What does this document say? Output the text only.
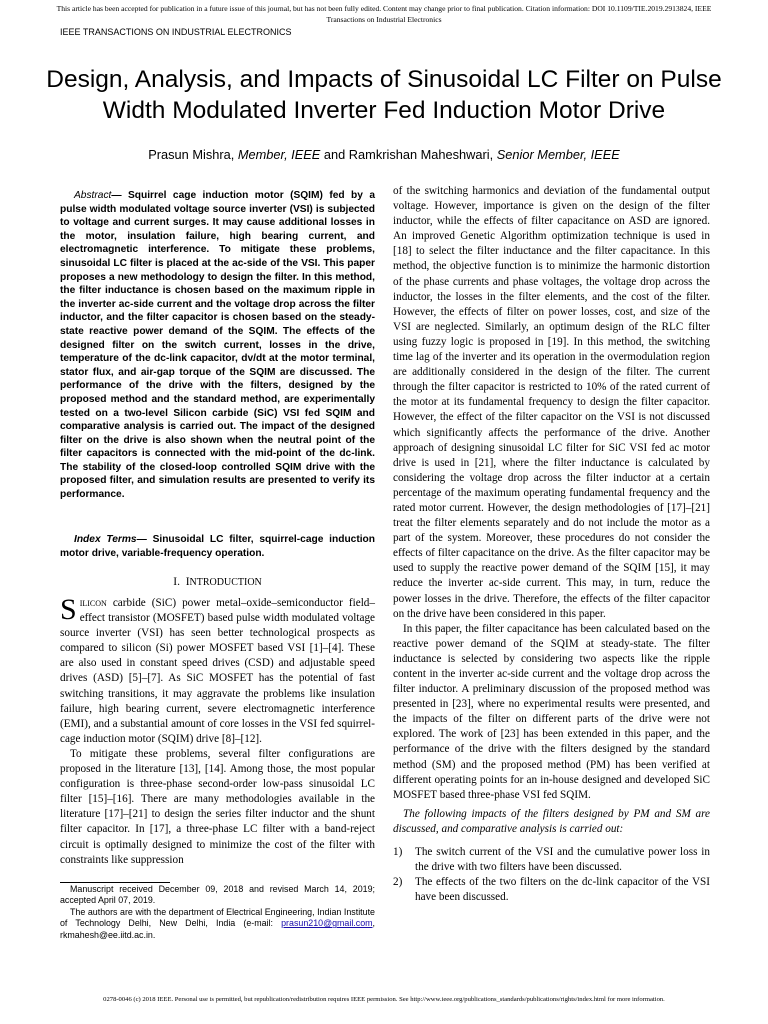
This article has been accepted for publication in a future issue of this journal, but has not been fully edited. Content may change prior to final publication. Citation information: DOI 10.1109/TIE.2019.2913824, IEEE
Transactions on Industrial Electronics
IEEE TRANSACTIONS ON INDUSTRIAL ELECTRONICS
Design, Analysis, and Impacts of Sinusoidal LC Filter on Pulse Width Modulated Inverter Fed Induction Motor Drive
Prasun Mishra, Member, IEEE and Ramkrishan Maheshwari, Senior Member, IEEE
Abstract— Squirrel cage induction motor (SQIM) fed by a pulse width modulated voltage source inverter (VSI) is subjected to voltage and current surges. It may cause additional losses in the motor, insulation failure, high bearing current, and electromagnetic interference. To mitigate these problems, sinusoidal LC filter is placed at the ac-side of the VSI. This paper proposes a new methodology to design the filter. In this method, the filter inductance is chosen based on the maximum ripple in the inverter ac-side current and the voltage drop across the filter inductor, and the filter capacitor is chosen based on the steady-state reactive power demand of the SQIM. The effects of the designed filter on the switch current, losses in the drive, temperature of the dc-link capacitor, dv/dt at the motor terminal, stator flux, and air-gap torque of the SQIM are discussed. The performance of the drive with the filters, designed by the proposed method and the standard method, are experimentally tested on a two-level Silicon carbide (SiC) VSI fed SQIM and comparative analysis is carried out. The impact of the designed filter on the drive is also shown when the neutral point of the filter capacitors is connected with the mid-point of the dc-link. The stability of the closed-loop controlled SQIM drive with the proposed filter, and simulation results are presented to verify its performance.
Index Terms— Sinusoidal LC filter, squirrel-cage induction motor drive, variable-frequency operation.
I. INTRODUCTION

Silicon carbide (SiC) power metal–oxide–semiconductor field–effect transistor (MOSFET) based pulse width modulated voltage source inverter (VSI) has seen better technological prospects as compared to silicon (Si) power MOSFET based VSI [1]–[4]. These are also used in constant speed drives (CSD) and adjustable speed drives (ASD) [5]–[7]. As SiC MOSFET has the potential of fast switching transitions, it may aggravate the problems like insulation failure, high bearing current, severe electromagnetic interference (EMI), and a substantial amount of core losses in the VSI fed squirrel-cage induction motor (SQIM) drive [8]–[12].

To mitigate these problems, several filter configurations are proposed in the literature [13], [14]. Among those, the most popular configuration is three-phase second-order low-pass sinusoidal LC filter [15]–[16]. There are many methodologies available in the literature [17]–[21] to design the series filter inductor and the shunt filter capacitor. In [17], a three-phase LC filter with a band-reject circuit is optimally designed to minimize the cost of the filter with constraints like suppression

Manuscript received December 09, 2018 and revised March 14, 2019; accepted April 07, 2019.

The authors are with the department of Electrical Engineering, Indian Institute of Technology Delhi, New Delhi, India (e-mail: prasun210@gmail.com, rkmahesh@ee.iitd.ac.in.

of the switching harmonics and deviation of the fundamental output voltage. However, importance is given on the design of the filter inductor, while the effects of filter capacitance on ASD are ignored. An improved Genetic Algorithm optimization technique is used in [18] to select the filter inductance and the filter capacitance. In this method, the objective function is to minimize the harmonic distortion of the phase currents and phase voltages, the voltage drop across the inductor, the losses in the filter elements, and the cost of the filter. However, the effects of filter on power losses, cost, and size of the VSI are neglected. Similarly, an optimum design of the RLC filter using fuzzy logic is proposed in [19]. In this method, the switching time lag of the inverter and its operation in the overmodulation region are additionally considered in the design of the filter. The current through the filter capacitor is restricted to 10% of the rated current of the motor at its fundamental frequency to design the filter capacitor. However, the effect of the filter capacitor on the VSI is not discussed which significantly affects the performance of the drive. Another approach of designing sinusoidal LC filter for SiC VSI fed ac motor drive is used in [21], where the filter inductance is calculated by considering the voltage drop across the filter inductor at a certain percentage of the maximum operating fundamental frequency and the rated motor current. However, the design methodologies of [17]–[21] treat the filter elements separately and do not include the motor as a part of the system. Moreover, these procedures do not consider the effects of filter capacitance on the drive. As the filter capacitor may be used to supply the reactive power demand of the SQIM [15], it may reduce the inverter ac-side current. This may, in turn, reduce the power losses in the drive. Therefore, the effects of the filter capacitor on the drive have been considered in this paper.

In this paper, the filter capacitance has been calculated based on the reactive power demand of the SQIM at steady-state. The filter inductance is selected by considering two aspects like the ripple content in the inverter ac-side current and the voltage drop across the filter inductor. A preliminary discussion of the proposed method was presented in [23], where no experimental results were presented, and the impacts of the filter on different parts of the drive were not explored. The work of [23] has been extended in this paper, and the performance of the drive with the filters designed by the standard method (SM) and the proposed method (PM) has been verified at different operating points for an in-house designed and developed SiC MOSFET based three-phase VSI fed SQIM.

The following impacts of the filters designed by PM and SM are discussed, and comparative analysis is carried out:

1)	The switch current of the VSI and the cumulative power loss in the drive with two filters have been discussed.
2)	The effects of the two filters on the dc-link capacitor of the VSI have been discussed.
0278-0046 (c) 2018 IEEE. Personal use is permitted, but republication/redistribution requires IEEE permission. See http://www.ieee.org/publications_standards/publications/rights/index.html for more information.
